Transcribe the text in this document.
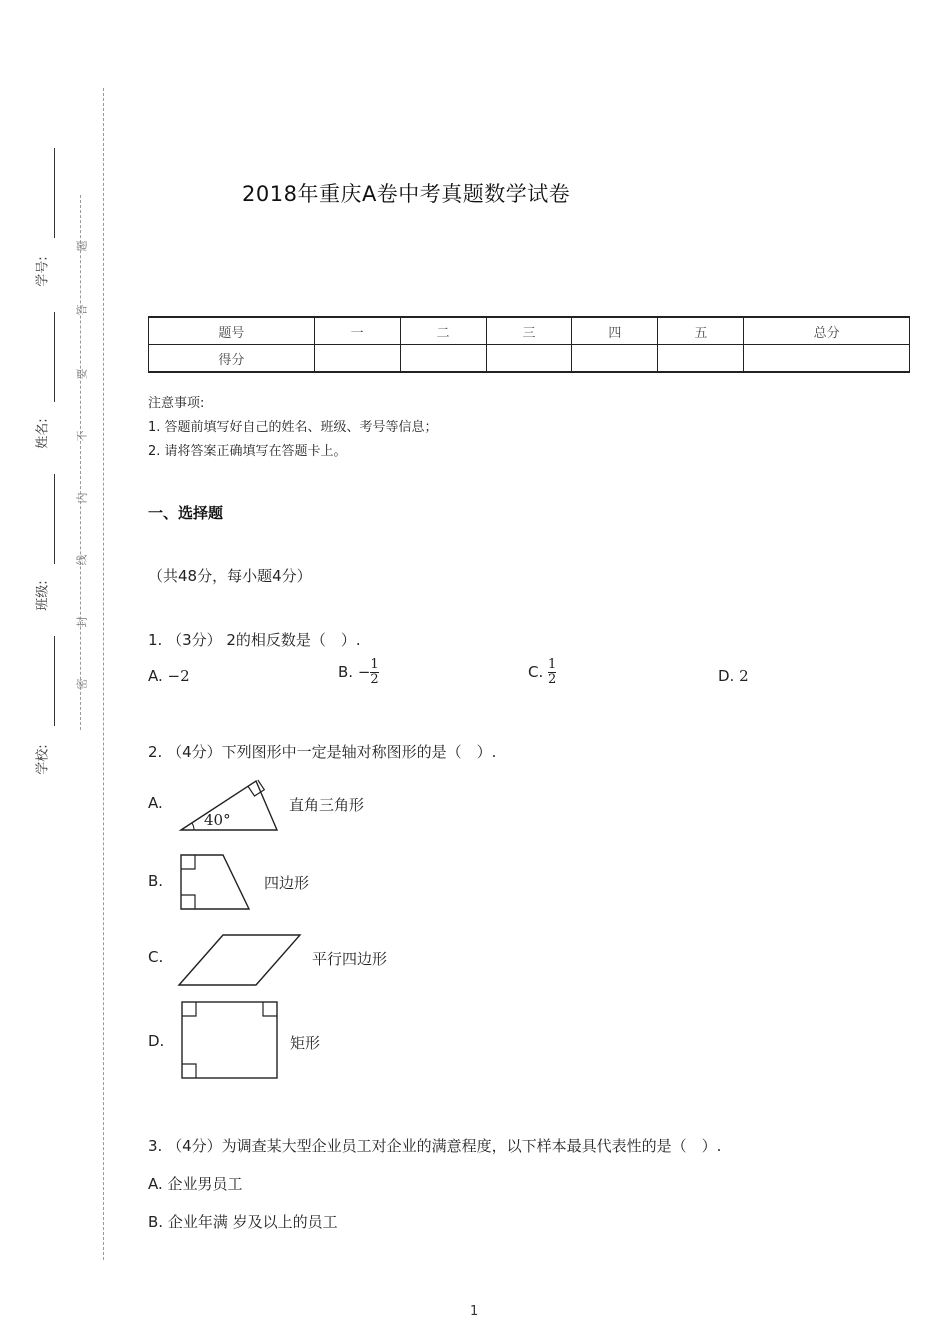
学号:
姓名:
班级:
学校:
题
答
要
不
内
线
封
密
2018年重庆A卷中考真题数学试卷
题号	一	二	三	四	五	总分
得分						
注意事项:
1. 答题前填写好自己的姓名、班级、考号等信息；
2. 请将答案正确填写在答题卡上。
一、选择题
（共48分，每小题4分）
1. （3分） 2的相反数是（　）.
A. −2	B. − $\frac{1}{2}$	C. $\frac{1}{2}$	D. 2
2. （4分）下列图形中一定是轴对称图形的是（　）.
A.
40°
直角三角形
B.	四边形
C.	平行四边形
D.	矩形
3. （4分）为调查某大型企业员工对企业的满意程度，以下样本最具代表性的是（　）.
A. 企业男员工
B. 企业年满 岁及以上的员工
1
